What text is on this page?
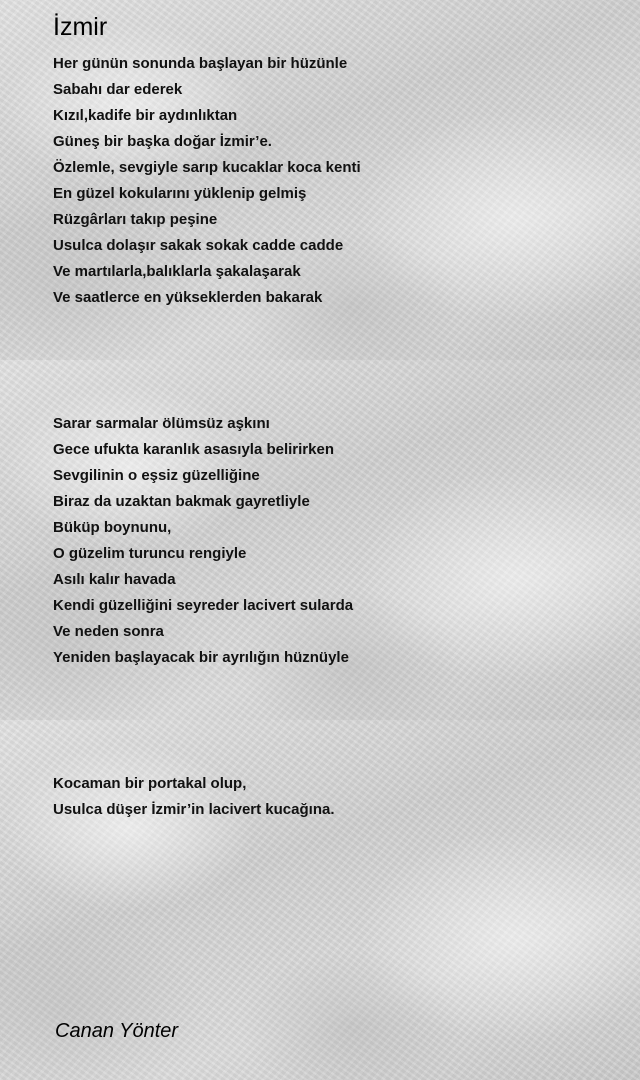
İzmir
Her günün sonunda başlayan bir hüzünle
Sabahı dar ederek
Kızıl,kadife bir aydınlıktan
Güneş bir başka doğar İzmir’e.
Özlemle, sevgiyle sarıp kucaklar koca kenti
En güzel kokularını yüklenip gelmiş
Rüzgârları takıp peşine
Usulca dolaşır sakak sokak cadde cadde
Ve martılarla,balıklarla şakalaşarak
Ve saatlerce en yükseklerden bakarak
Sarar sarmalar ölümsüz aşkını
Gece ufukta karanlık asasıyla belirirken
Sevgilinin o eşsiz güzelliğine
Biraz da uzaktan bakmak gayretliyle
Büküp boynunu,
O güzelim turuncu rengiyle
Asılı kalır havada
Kendi güzelliğini seyreder lacivert sularda
Ve neden sonra
Yeniden başlayacak bir ayrılığın hüznüyle
Kocaman bir portakal olup,
Usulca düşer İzmir’in lacivert kucağına.
Canan Yönter
